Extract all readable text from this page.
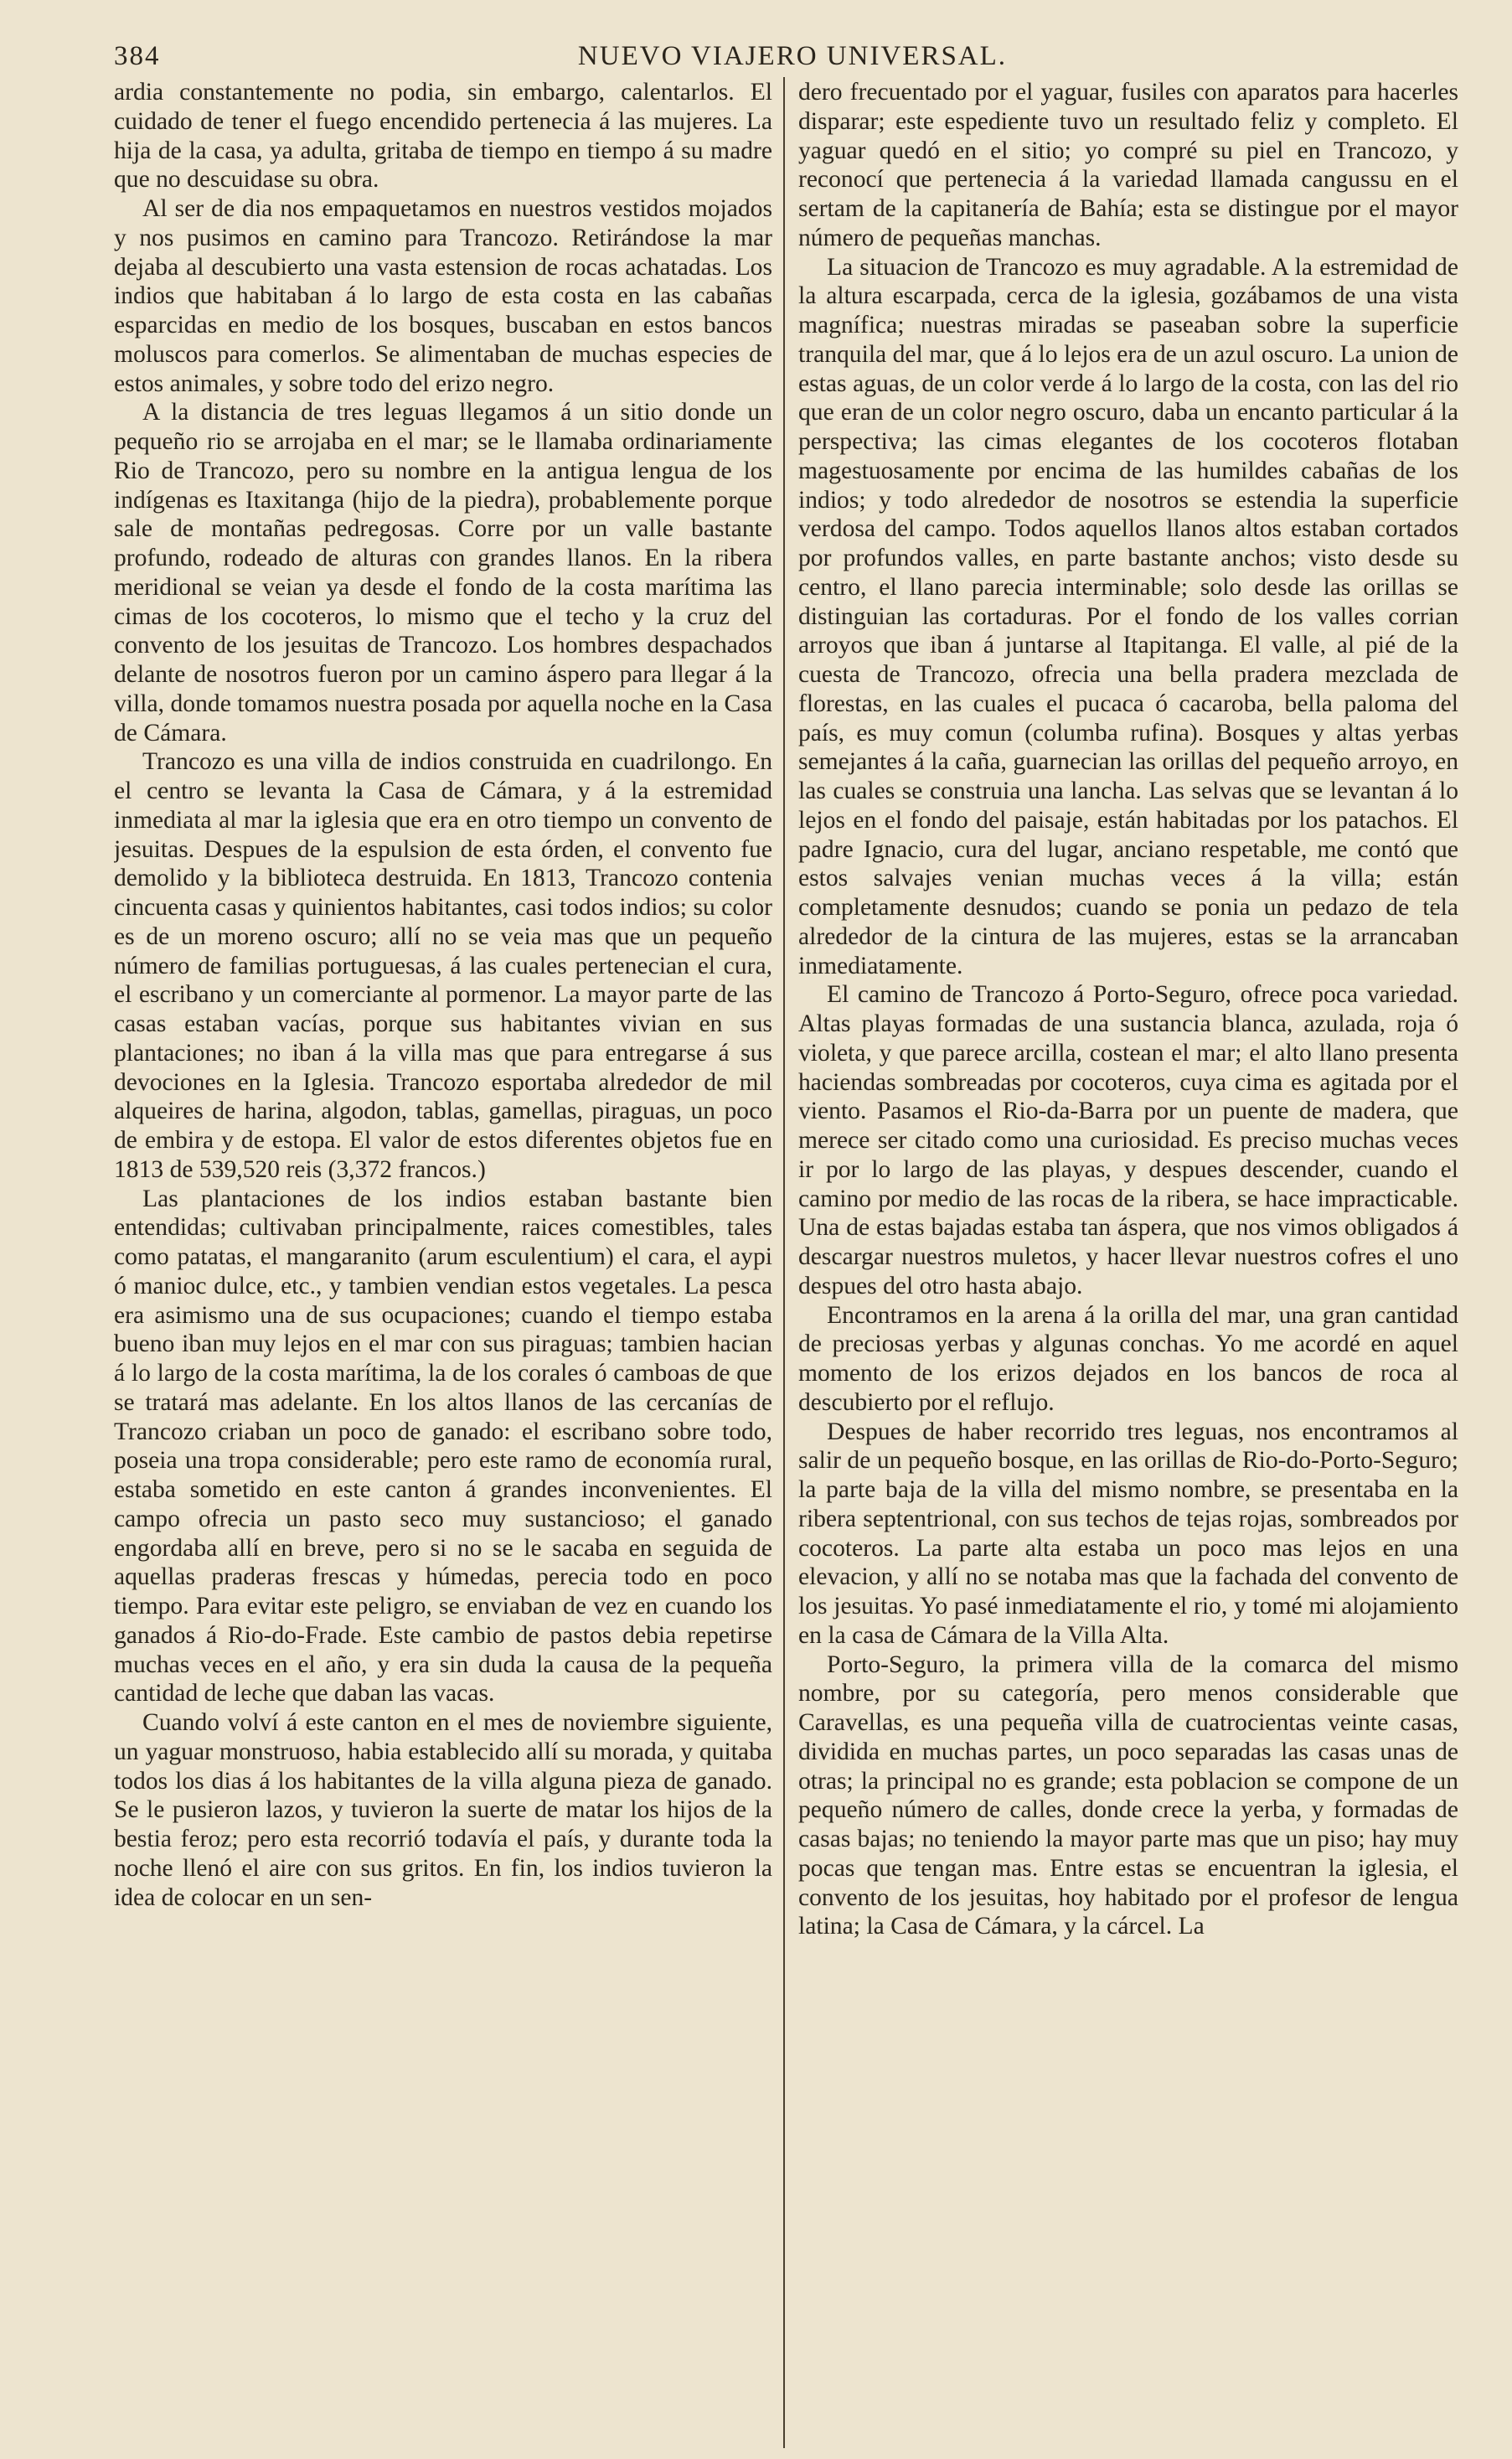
384	NUEVO VIAJERO UNIVERSAL.

ardia constantemente no podia, sin embargo, calentarlos. El cuidado de tener el fuego encendido pertenecia á las mujeres. La hija de la casa, ya adulta, gritaba de tiempo en tiempo á su madre que no descuidase su obra.

Al ser de dia nos empaquetamos en nuestros vestidos mojados y nos pusimos en camino para Trancozo. Retirándose la mar dejaba al descubierto una vasta estension de rocas achatadas. Los indios que habitaban á lo largo de esta costa en las cabañas esparcidas en medio de los bosques, buscaban en estos bancos moluscos para comerlos. Se alimentaban de muchas especies de estos animales, y sobre todo del erizo negro.

A la distancia de tres leguas llegamos á un sitio donde un pequeño rio se arrojaba en el mar; se le llamaba ordinariamente Rio de Trancozo, pero su nombre en la antigua lengua de los indígenas es Itaxitanga (hijo de la piedra), probablemente porque sale de montañas pedregosas. Corre por un valle bastante profundo, rodeado de alturas con grandes llanos. En la ribera meridional se veian ya desde el fondo de la costa marítima las cimas de los cocoteros, lo mismo que el techo y la cruz del convento de los jesuitas de Trancozo. Los hombres despachados delante de nosotros fueron por un camino áspero para llegar á la villa, donde tomamos nuestra posada por aquella noche en la Casa de Cámara.

Trancozo es una villa de indios construida en cuadrilongo. En el centro se levanta la Casa de Cámara, y á la estremidad inmediata al mar la iglesia que era en otro tiempo un convento de jesuitas. Despues de la espulsion de esta órden, el convento fue demolido y la biblioteca destruida. En 1813, Trancozo contenia cincuenta casas y quinientos habitantes, casi todos indios; su color es de un moreno oscuro; allí no se veia mas que un pequeño número de familias portuguesas, á las cuales pertenecian el cura, el escribano y un comerciante al pormenor. La mayor parte de las casas estaban vacías, porque sus habitantes vivian en sus plantaciones; no iban á la villa mas que para entregarse á sus devociones en la Iglesia. Trancozo esportaba alrededor de mil alqueires de harina, algodon, tablas, gamellas, piraguas, un poco de embira y de estopa. El valor de estos diferentes objetos fue en 1813 de 539,520 reis (3,372 francos.)

Las plantaciones de los indios estaban bastante bien entendidas; cultivaban principalmente, raices comestibles, tales como patatas, el mangaranito (arum esculentium) el cara, el aypi ó manioc dulce, etc., y tambien vendian estos vegetales. La pesca era asimismo una de sus ocupaciones; cuando el tiempo estaba bueno iban muy lejos en el mar con sus piraguas; tambien hacian á lo largo de la costa marítima, la de los corales ó camboas de que se tratará mas adelante. En los altos llanos de las cercanías de Trancozo criaban un poco de ganado: el escribano sobre todo, poseia una tropa considerable; pero este ramo de economía rural, estaba sometido en este canton á grandes inconvenientes. El campo ofrecia un pasto seco muy sustancioso; el ganado engordaba allí en breve, pero si no se le sacaba en seguida de aquellas praderas frescas y húmedas, perecia todo en poco tiempo. Para evitar este peligro, se enviaban de vez en cuando los ganados á Rio-do-Frade. Este cambio de pastos debia repetirse muchas veces en el año, y era sin duda la causa de la pequeña cantidad de leche que daban las vacas.

Cuando volví á este canton en el mes de noviembre siguiente, un yaguar monstruoso, habia establecido allí su morada, y quitaba todos los dias á los habitantes de la villa alguna pieza de ganado. Se le pusieron lazos, y tuvieron la suerte de matar los hijos de la bestia feroz; pero esta recorrió todavía el país, y durante toda la noche llenó el aire con sus gritos. En fin, los indios tuvieron la idea de colocar en un sen-

dero frecuentado por el yaguar, fusiles con aparatos para hacerles disparar; este espediente tuvo un resultado feliz y completo. El yaguar quedó en el sitio; yo compré su piel en Trancozo, y reconocí que pertenecia á la variedad llamada cangussu en el sertam de la capitanería de Bahía; esta se distingue por el mayor número de pequeñas manchas.

La situacion de Trancozo es muy agradable. A la estremidad de la altura escarpada, cerca de la iglesia, gozábamos de una vista magnífica; nuestras miradas se paseaban sobre la superficie tranquila del mar, que á lo lejos era de un azul oscuro. La union de estas aguas, de un color verde á lo largo de la costa, con las del rio que eran de un color negro oscuro, daba un encanto particular á la perspectiva; las cimas elegantes de los cocoteros flotaban magestuosamente por encima de las humildes cabañas de los indios; y todo alrededor de nosotros se estendia la superficie verdosa del campo. Todos aquellos llanos altos estaban cortados por profundos valles, en parte bastante anchos; visto desde su centro, el llano parecia interminable; solo desde las orillas se distinguian las cortaduras. Por el fondo de los valles corrian arroyos que iban á juntarse al Itapitanga. El valle, al pié de la cuesta de Trancozo, ofrecia una bella pradera mezclada de florestas, en las cuales el pucaca ó cacaroba, bella paloma del país, es muy comun (columba rufina). Bosques y altas yerbas semejantes á la caña, guarnecian las orillas del pequeño arroyo, en las cuales se construia una lancha. Las selvas que se levantan á lo lejos en el fondo del paisaje, están habitadas por los patachos. El padre Ignacio, cura del lugar, anciano respetable, me contó que estos salvajes venian muchas veces á la villa; están completamente desnudos; cuando se ponia un pedazo de tela alrededor de la cintura de las mujeres, estas se la arrancaban inmediatamente.

El camino de Trancozo á Porto-Seguro, ofrece poca variedad. Altas playas formadas de una sustancia blanca, azulada, roja ó violeta, y que parece arcilla, costean el mar; el alto llano presenta haciendas sombreadas por cocoteros, cuya cima es agitada por el viento. Pasamos el Rio-da-Barra por un puente de madera, que merece ser citado como una curiosidad. Es preciso muchas veces ir por lo largo de las playas, y despues descender, cuando el camino por medio de las rocas de la ribera, se hace impracticable. Una de estas bajadas estaba tan áspera, que nos vimos obligados á descargar nuestros muletos, y hacer llevar nuestros cofres el uno despues del otro hasta abajo.

Encontramos en la arena á la orilla del mar, una gran cantidad de preciosas yerbas y algunas conchas. Yo me acordé en aquel momento de los erizos dejados en los bancos de roca al descubierto por el reflujo.

Despues de haber recorrido tres leguas, nos encontramos al salir de un pequeño bosque, en las orillas de Rio-do-Porto-Seguro; la parte baja de la villa del mismo nombre, se presentaba en la ribera septentrional, con sus techos de tejas rojas, sombreados por cocoteros. La parte alta estaba un poco mas lejos en una elevacion, y allí no se notaba mas que la fachada del convento de los jesuitas. Yo pasé inmediatamente el rio, y tomé mi alojamiento en la casa de Cámara de la Villa Alta.

Porto-Seguro, la primera villa de la comarca del mismo nombre, por su categoría, pero menos considerable que Caravellas, es una pequeña villa de cuatrocientas veinte casas, dividida en muchas partes, un poco separadas las casas unas de otras; la principal no es grande; esta poblacion se compone de un pequeño número de calles, donde crece la yerba, y formadas de casas bajas; no teniendo la mayor parte mas que un piso; hay muy pocas que tengan mas. Entre estas se encuentran la iglesia, el convento de los jesuitas, hoy habitado por el profesor de lengua latina; la Casa de Cámara, y la cárcel. La
